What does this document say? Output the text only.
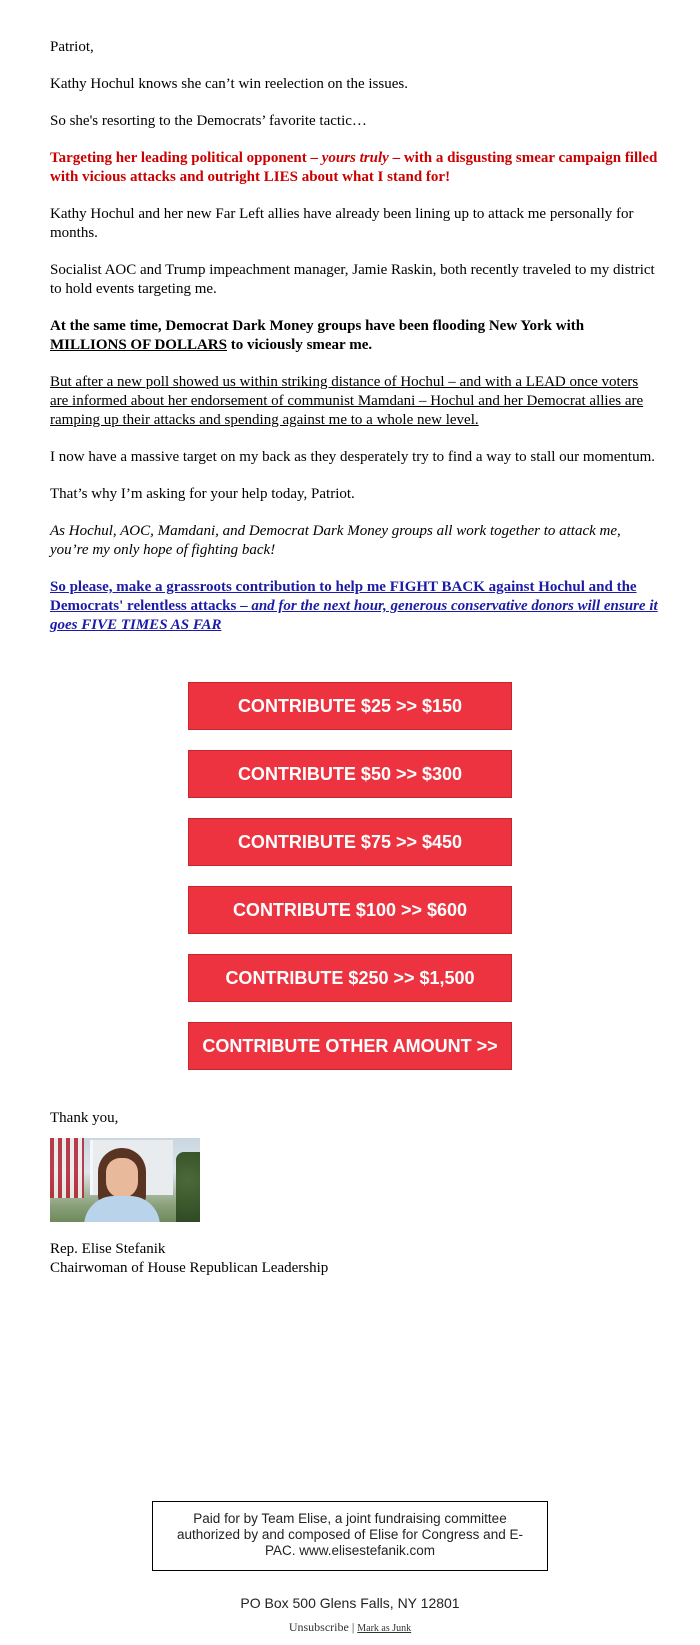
Patriot,

Kathy Hochul knows she can’t win reelection on the issues.

So she's resorting to the Democrats’ favorite tactic…

Targeting her leading political opponent – yours truly – with a disgusting smear campaign filled with vicious attacks and outright LIES about what I stand for!

Kathy Hochul and her new Far Left allies have already been lining up to attack me personally for months.

Socialist AOC and Trump impeachment manager, Jamie Raskin, both recently traveled to my district to hold events targeting me.

At the same time, Democrat Dark Money groups have been flooding New York with MILLIONS OF DOLLARS to viciously smear me.

But after a new poll showed us within striking distance of Hochul – and with a LEAD once voters are informed about her endorsement of communist Mamdani – Hochul and her Democrat allies are ramping up their attacks and spending against me to a whole new level.

I now have a massive target on my back as they desperately try to find a way to stall our momentum.

That’s why I’m asking for your help today, Patriot.

As Hochul, AOC, Mamdani, and Democrat Dark Money groups all work together to attack me, you’re my only hope of fighting back!

So please, make a grassroots contribution to help me FIGHT BACK against Hochul and the Democrats' relentless attacks – and for the next hour, generous conservative donors will ensure it goes FIVE TIMES AS FAR

CONTRIBUTE $25 >> $150
CONTRIBUTE $50 >> $300
CONTRIBUTE $75 >> $450
CONTRIBUTE $100 >> $600
CONTRIBUTE $250 >> $1,500
CONTRIBUTE OTHER AMOUNT >>

Thank you,

Rep. Elise Stefanik

Chairwoman of House Republican Leadership

Paid for by Team Elise, a joint fundraising committee authorized by and composed of Elise for Congress and E-PAC. www.elisestefanik.com
PO Box 500 Glens Falls, NY 12801
Unsubscribe | Mark as Junk
